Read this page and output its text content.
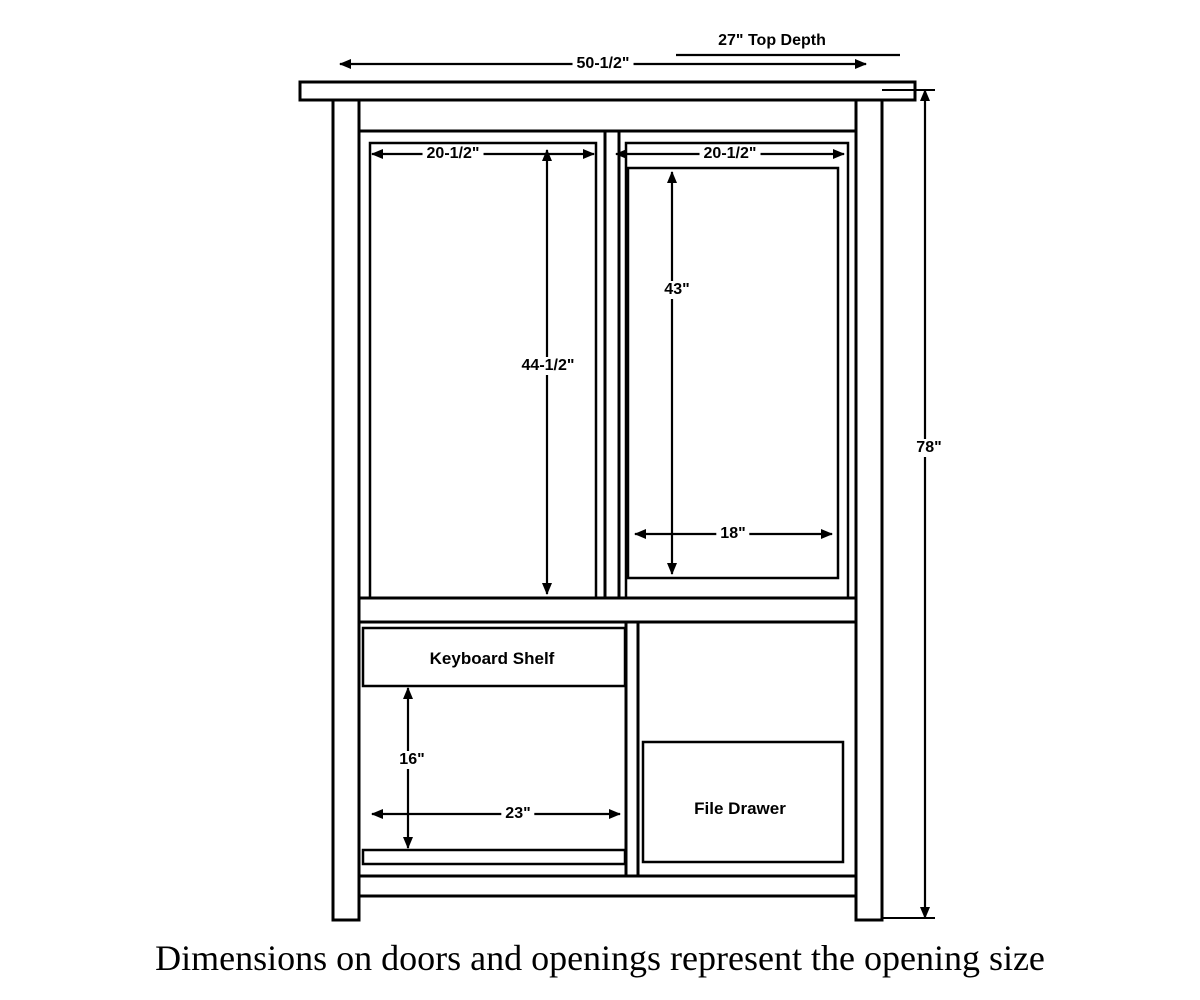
27" Top Depth
50-1/2"
78"
20-1/2"	20-1/2"
44-1/2"
43"
18"
16"
23"
Keyboard Shelf
File Drawer
Dimensions on doors and openings represent the opening size
